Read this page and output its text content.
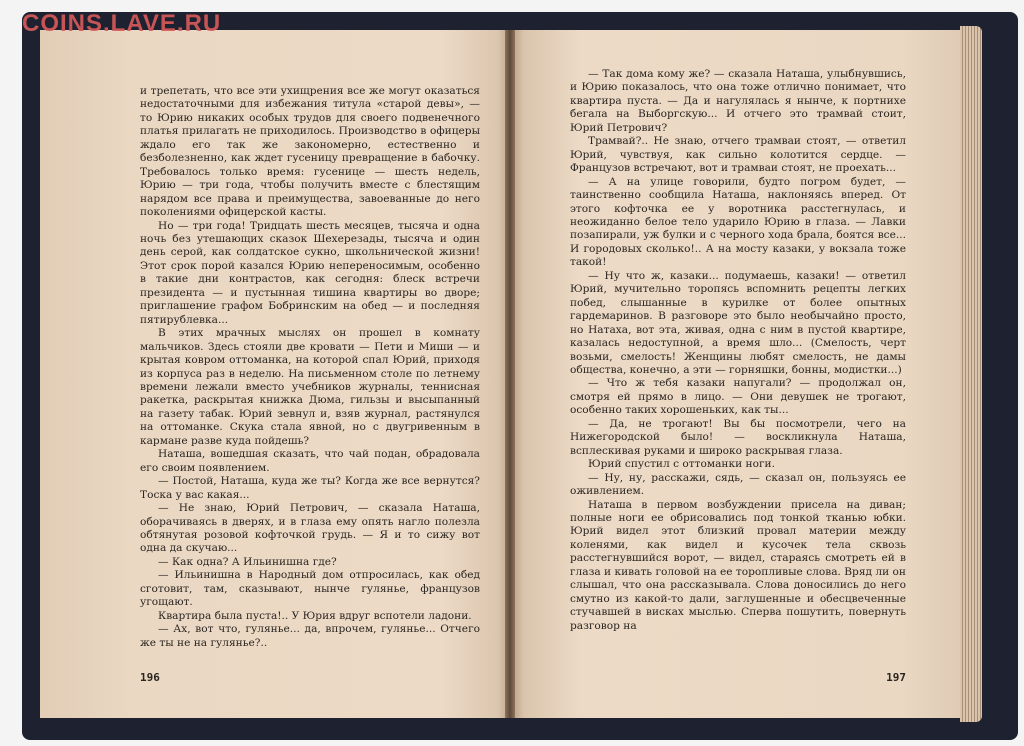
и трепетать, что все эти ухищрения все же могут оказаться недостаточными для избежания титула «старой девы», — то Юрию никаких особых трудов для своего подвенечного платья прилагать не приходилось. Производство в офицеры ждало его так же закономерно, естественно и безболезненно, как ждет гусеницу превращение в бабочку. Требовалось только время: гусенице — шесть недель, Юрию — три года, чтобы получить вместе с блестящим нарядом все права и преимущества, завоеванные до него поколениями офицерской касты.

Но — три года! Тридцать шесть месяцев, тысяча и одна ночь без утешающих сказок Шехерезады, тысяча и один день серой, как солдатское сукно, школьнической жизни! Этот срок порой казался Юрию непереносимым, особенно в такие дни контрастов, как сегодня: блеск встречи президента — и пустынная тишина квартиры во дворе; приглашение графом Бобринским на обед — и последняя пятирублевка...

В этих мрачных мыслях он прошел в комнату мальчиков. Здесь стояли две кровати — Пети и Миши — и крытая ковром оттоманка, на которой спал Юрий, приходя из корпуса раз в неделю. На письменном столе по летнему времени лежали вместо учебников журналы, теннисная ракетка, раскрытая книжка Дюма, гильзы и высыпанный на газету табак. Юрий зевнул и, взяв журнал, растянулся на оттоманке. Скука стала явной, но с двугривенным в кармане разве куда пойдешь?

Наташа, вошедшая сказать, что чай подан, обрадовала его своим появлением.

— Постой, Наташа, куда же ты? Когда же все вернутся? Тоска у вас какая...

— Не знаю, Юрий Петрович, — сказала Наташа, оборачиваясь в дверях, и в глаза ему опять нагло полезла обтянутая розовой кофточкой грудь. — Я и то сижу вот одна да скучаю...

— Как одна? А Ильинишна где?

— Ильинишна в Народный дом отпросилась, как обед сготовит, там, сказывают, нынче гулянье, французов угощают.

Квартира была пуста!.. У Юрия вдруг вспотели ладони.

— Ах, вот что, гулянье... да, впрочем, гулянье... Отчего же ты не на гулянье?..

196

— Так дома кому же? — сказала Наташа, улыбнувшись, и Юрию показалось, что она тоже отлично понимает, что квартира пуста. — Да и нагулялась я нынче, к портнихе бегала на Выборгскую... И отчего это трамвай стоит, Юрий Петрович?

Трамвай?.. Не знаю, отчего трамваи стоят, — ответил Юрий, чувствуя, как сильно колотится сердце. — Французов встречают, вот и трамваи стоят, не проехать...

— А на улице говорили, будто погром будет, — таинственно сообщила Наташа, наклоняясь вперед. От этого кофточка ее у воротника расстегнулась, и неожиданно белое тело ударило Юрию в глаза. — Лавки позапирали, уж булки и с черного хода брала, боятся все... И городовых сколько!.. А на мосту казаки, у вокзала тоже такой!

— Ну что ж, казаки... подумаешь, казаки! — ответил Юрий, мучительно торопясь вспомнить рецепты легких побед, слышанные в курилке от более опытных гардемаринов. В разговоре это было необычайно просто, но Натаха, вот эта, живая, одна с ним в пустой квартире, казалась недоступной, а время шло... (Смелость, черт возьми, смелость! Женщины любят смелость, не дамы общества, конечно, а эти — горняшки, бонны, модистки...)

— Что ж тебя казаки напугали? — продолжал он, смотря ей прямо в лицо. — Они девушек не трогают, особенно таких хорошеньких, как ты...

— Да, не трогают! Вы бы посмотрели, чего на Нижегородской было! — воскликнула Наташа, всплескивая руками и широко раскрывая глаза.

Юрий спустил с оттоманки ноги.

— Ну, ну, расскажи, сядь, — сказал он, пользуясь ее оживлением.

Наташа в первом возбуждении присела на диван; полные ноги ее обрисовались под тонкой тканью юбки. Юрий видел этот близкий провал материи между коленями, как видел и кусочек тела сквозь расстегнувшийся ворот, — видел, стараясь смотреть ей в глаза и кивать головой на ее торопливые слова. Вряд ли он слышал, что она рассказывала. Слова доносились до него смутно из какой-то дали, заглушенные и обесцвеченные стучавшей в висках мыслью. Сперва пошутить, повернуть разговор на

197
COINS.LAVE.RU
